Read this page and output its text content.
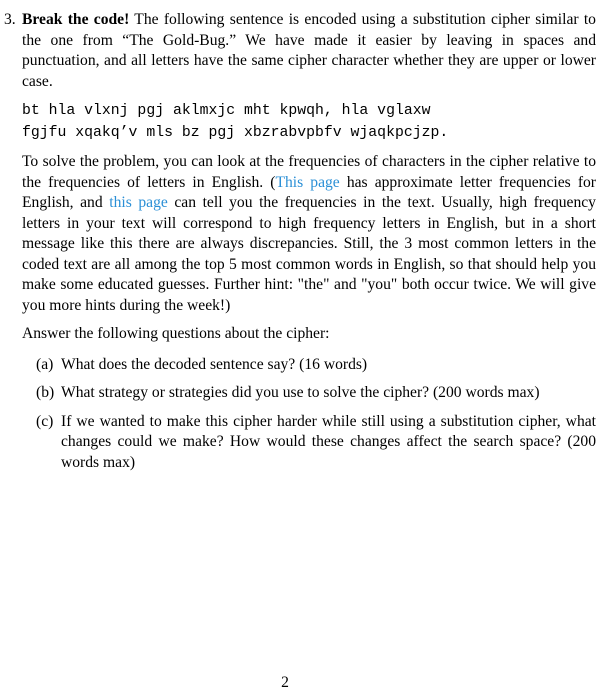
3. Break the code! The following sentence is encoded using a substitution cipher similar to the one from “The Gold-Bug.” We have made it easier by leaving in spaces and punctuation, and all letters have the same cipher character whether they are upper or lower case.

bt hla vlxnj pgj aklmxjc mht kpwqh, hla vglaxw
fgjfu xqakq’v mls bz pgj xbzrabvpbfv wjaqkpcjzp.

To solve the problem, you can look at the frequencies of characters in the cipher relative to the frequencies of letters in English. (This page has approximate letter frequencies for English, and this page can tell you the frequencies in the text. Usually, high frequency letters in your text will correspond to high frequency letters in English, but in a short message like this there are always discrepancies. Still, the 3 most common letters in the coded text are all among the top 5 most common words in English, so that should help you make some educated guesses. Further hint: "the" and "you" both occur twice. We will give you more hints during the week!)

Answer the following questions about the cipher:

(a) What does the decoded sentence say? (16 words)
(b) What strategy or strategies did you use to solve the cipher? (200 words max)
(c) If we wanted to make this cipher harder while still using a substitution cipher, what changes could we make? How would these changes affect the search space? (200 words max)
2
